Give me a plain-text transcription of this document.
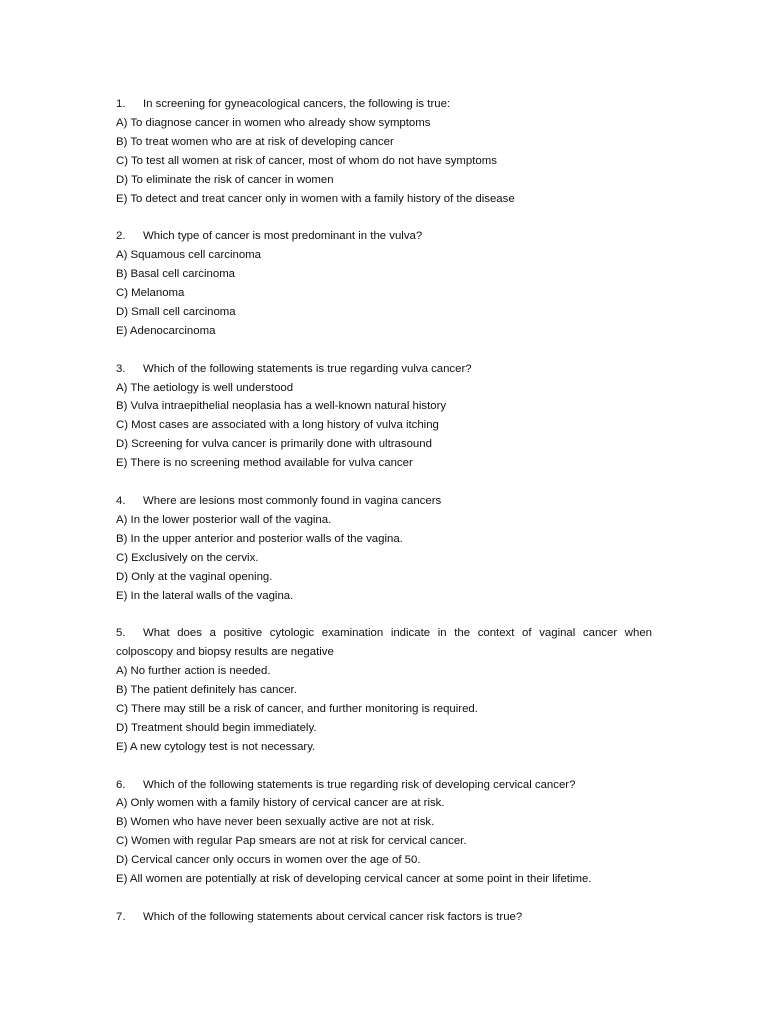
1.	In screening for gyneacological cancers, the following is true:
A) To diagnose cancer in women who already show symptoms
B) To treat women who are at risk of developing cancer
C) To test all women at risk of cancer, most of whom do not have symptoms
D) To eliminate the risk of cancer in women
E) To detect and treat cancer only in women with a family history of the disease
2.	Which type of cancer is most predominant in the vulva?
A) Squamous cell carcinoma
B) Basal cell carcinoma
C) Melanoma
D) Small cell carcinoma
E) Adenocarcinoma
3.	Which of the following statements is true regarding vulva cancer?
A) The aetiology is well understood
B) Vulva intraepithelial neoplasia has a well-known natural history
C) Most cases are associated with a long history of vulva itching
D) Screening for vulva cancer is primarily done with ultrasound
E) There is no screening method available for vulva cancer
4.	Where are lesions most commonly found in vagina cancers
A) In the lower posterior wall of the vagina.
B) In the upper anterior and posterior walls of the vagina.
C) Exclusively on the cervix.
D) Only at the vaginal opening.
E) In the lateral walls of the vagina.
5. What does a positive cytologic examination indicate in the context of vaginal cancer when colposcopy and biopsy results are negative
A) No further action is needed.
B) The patient definitely has cancer.
C) There may still be a risk of cancer, and further monitoring is required.
D) Treatment should begin immediately.
E) A new cytology test is not necessary.
6.	Which of the following statements is true regarding risk of developing cervical cancer?
A) Only women with a family history of cervical cancer are at risk.
B) Women who have never been sexually active are not at risk.
C) Women with regular Pap smears are not at risk for cervical cancer.
D) Cervical cancer only occurs in women over the age of 50.
E) All women are potentially at risk of developing cervical cancer at some point in their lifetime.
7.	Which of the following statements about cervical cancer risk factors is true?
